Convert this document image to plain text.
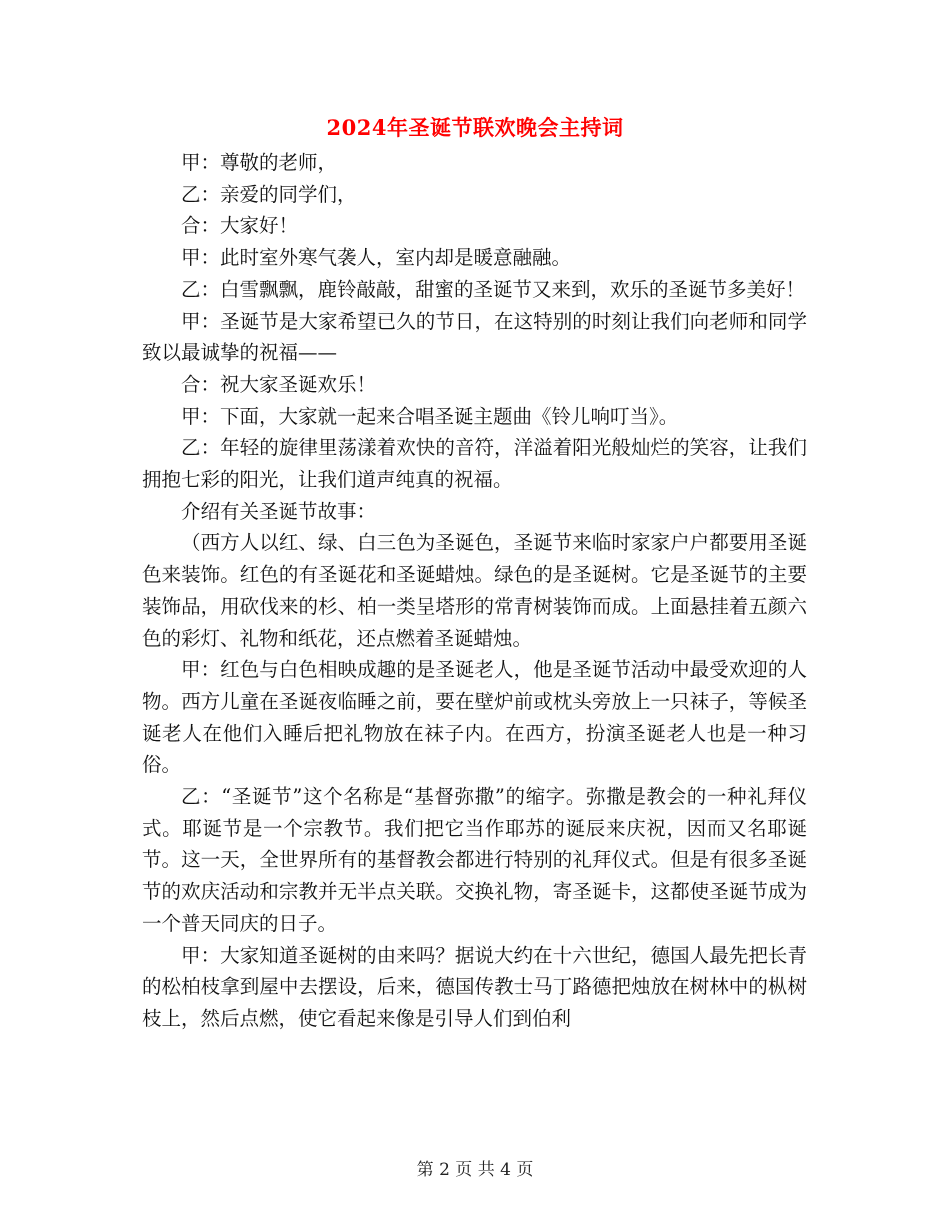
2024年圣诞节联欢晚会主持词

甲：尊敬的老师，

乙：亲爱的同学们，

合：大家好！

甲：此时室外寒气袭人，室内却是暖意融融。

乙：白雪飘飘，鹿铃敲敲，甜蜜的圣诞节又来到，欢乐的圣诞节多美好！

甲：圣诞节是大家希望已久的节日，在这特别的时刻让我们向老师和同学致以最诚挚的祝福——

合：祝大家圣诞欢乐！

甲：下面，大家就一起来合唱圣诞主题曲《铃儿响叮当》。

乙：年轻的旋律里荡漾着欢快的音符，洋溢着阳光般灿烂的笑容，让我们拥抱七彩的阳光，让我们道声纯真的祝福。

介绍有关圣诞节故事：

（西方人以红、绿、白三色为圣诞色，圣诞节来临时家家户户都要用圣诞色来装饰。红色的有圣诞花和圣诞蜡烛。绿色的是圣诞树。它是圣诞节的主要装饰品，用砍伐来的杉、柏一类呈塔形的常青树装饰而成。上面悬挂着五颜六色的彩灯、礼物和纸花，还点燃着圣诞蜡烛。

甲：红色与白色相映成趣的是圣诞老人，他是圣诞节活动中最受欢迎的人物。西方儿童在圣诞夜临睡之前，要在壁炉前或枕头旁放上一只袜子，等候圣诞老人在他们入睡后把礼物放在袜子内。在西方，扮演圣诞老人也是一种习俗。

乙：“圣诞节”这个名称是“基督弥撒”的缩字。弥撒是教会的一种礼拜仪式。耶诞节是一个宗教节。我们把它当作耶苏的诞辰来庆祝，因而又名耶诞节。这一天，全世界所有的基督教会都进行特别的礼拜仪式。但是有很多圣诞节的欢庆活动和宗教并无半点关联。交换礼物，寄圣诞卡，这都使圣诞节成为一个普天同庆的日子。

甲：大家知道圣诞树的由来吗？据说大约在十六世纪，德国人最先把长青的松柏枝拿到屋中去摆设，后来，德国传教士马丁路德把烛放在树林中的枞树枝上，然后点燃，使它看起来像是引导人们到伯利

第 2 页 共 4 页
